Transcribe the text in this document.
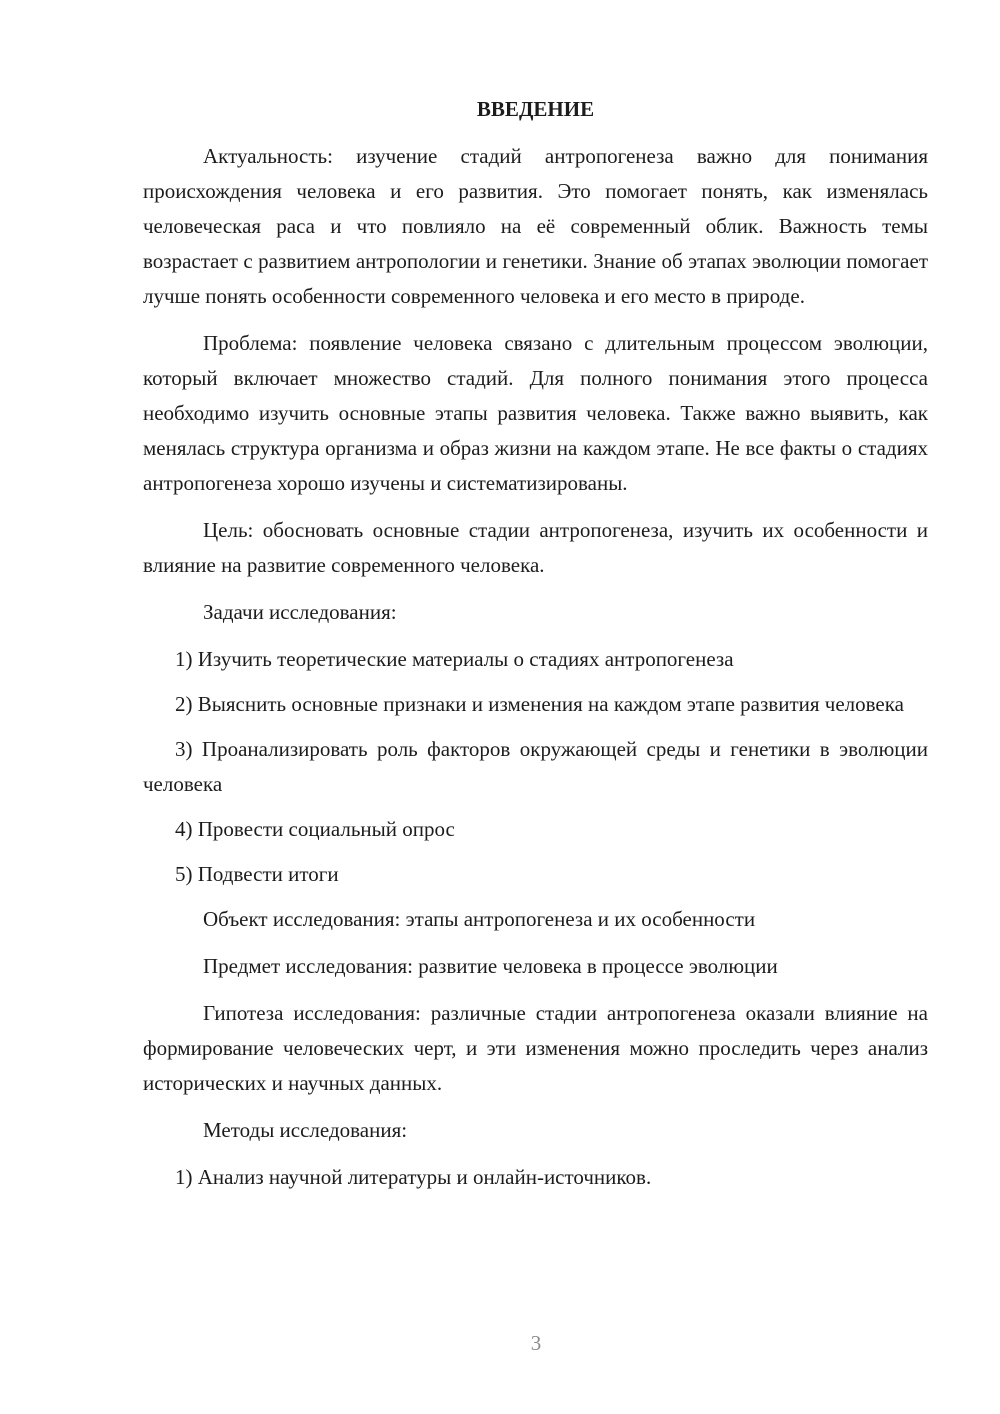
ВВЕДЕНИЕ

Актуальность: изучение стадий антропогенеза важно для понимания происхождения человека и его развития. Это помогает понять, как изменялась человеческая раса и что повлияло на её современный облик. Важность темы возрастает с развитием антропологии и генетики. Знание об этапах эволюции помогает лучше понять особенности современного человека и его место в природе.

Проблема: появление человека связано с длительным процессом эволюции, который включает множество стадий. Для полного понимания этого процесса необходимо изучить основные этапы развития человека. Также важно выявить, как менялась структура организма и образ жизни на каждом этапе. Не все факты о стадиях антропогенеза хорошо изучены и систематизированы.

Цель: обосновать основные стадии антропогенеза, изучить их особенности и влияние на развитие современного человека.

Задачи исследования:

1) Изучить теоретические материалы о стадиях антропогенеза

2) Выяснить основные признаки и изменения на каждом этапе развития человека

3) Проанализировать роль факторов окружающей среды и генетики в эволюции человека

4) Провести социальный опрос

5) Подвести итоги

Объект исследования: этапы антропогенеза и их особенности

Предмет исследования: развитие человека в процессе эволюции

Гипотеза исследования: различные стадии антропогенеза оказали влияние на формирование человеческих черт, и эти изменения можно проследить через анализ исторических и научных данных.

Методы исследования:

1) Анализ научной литературы и онлайн-источников.

3
